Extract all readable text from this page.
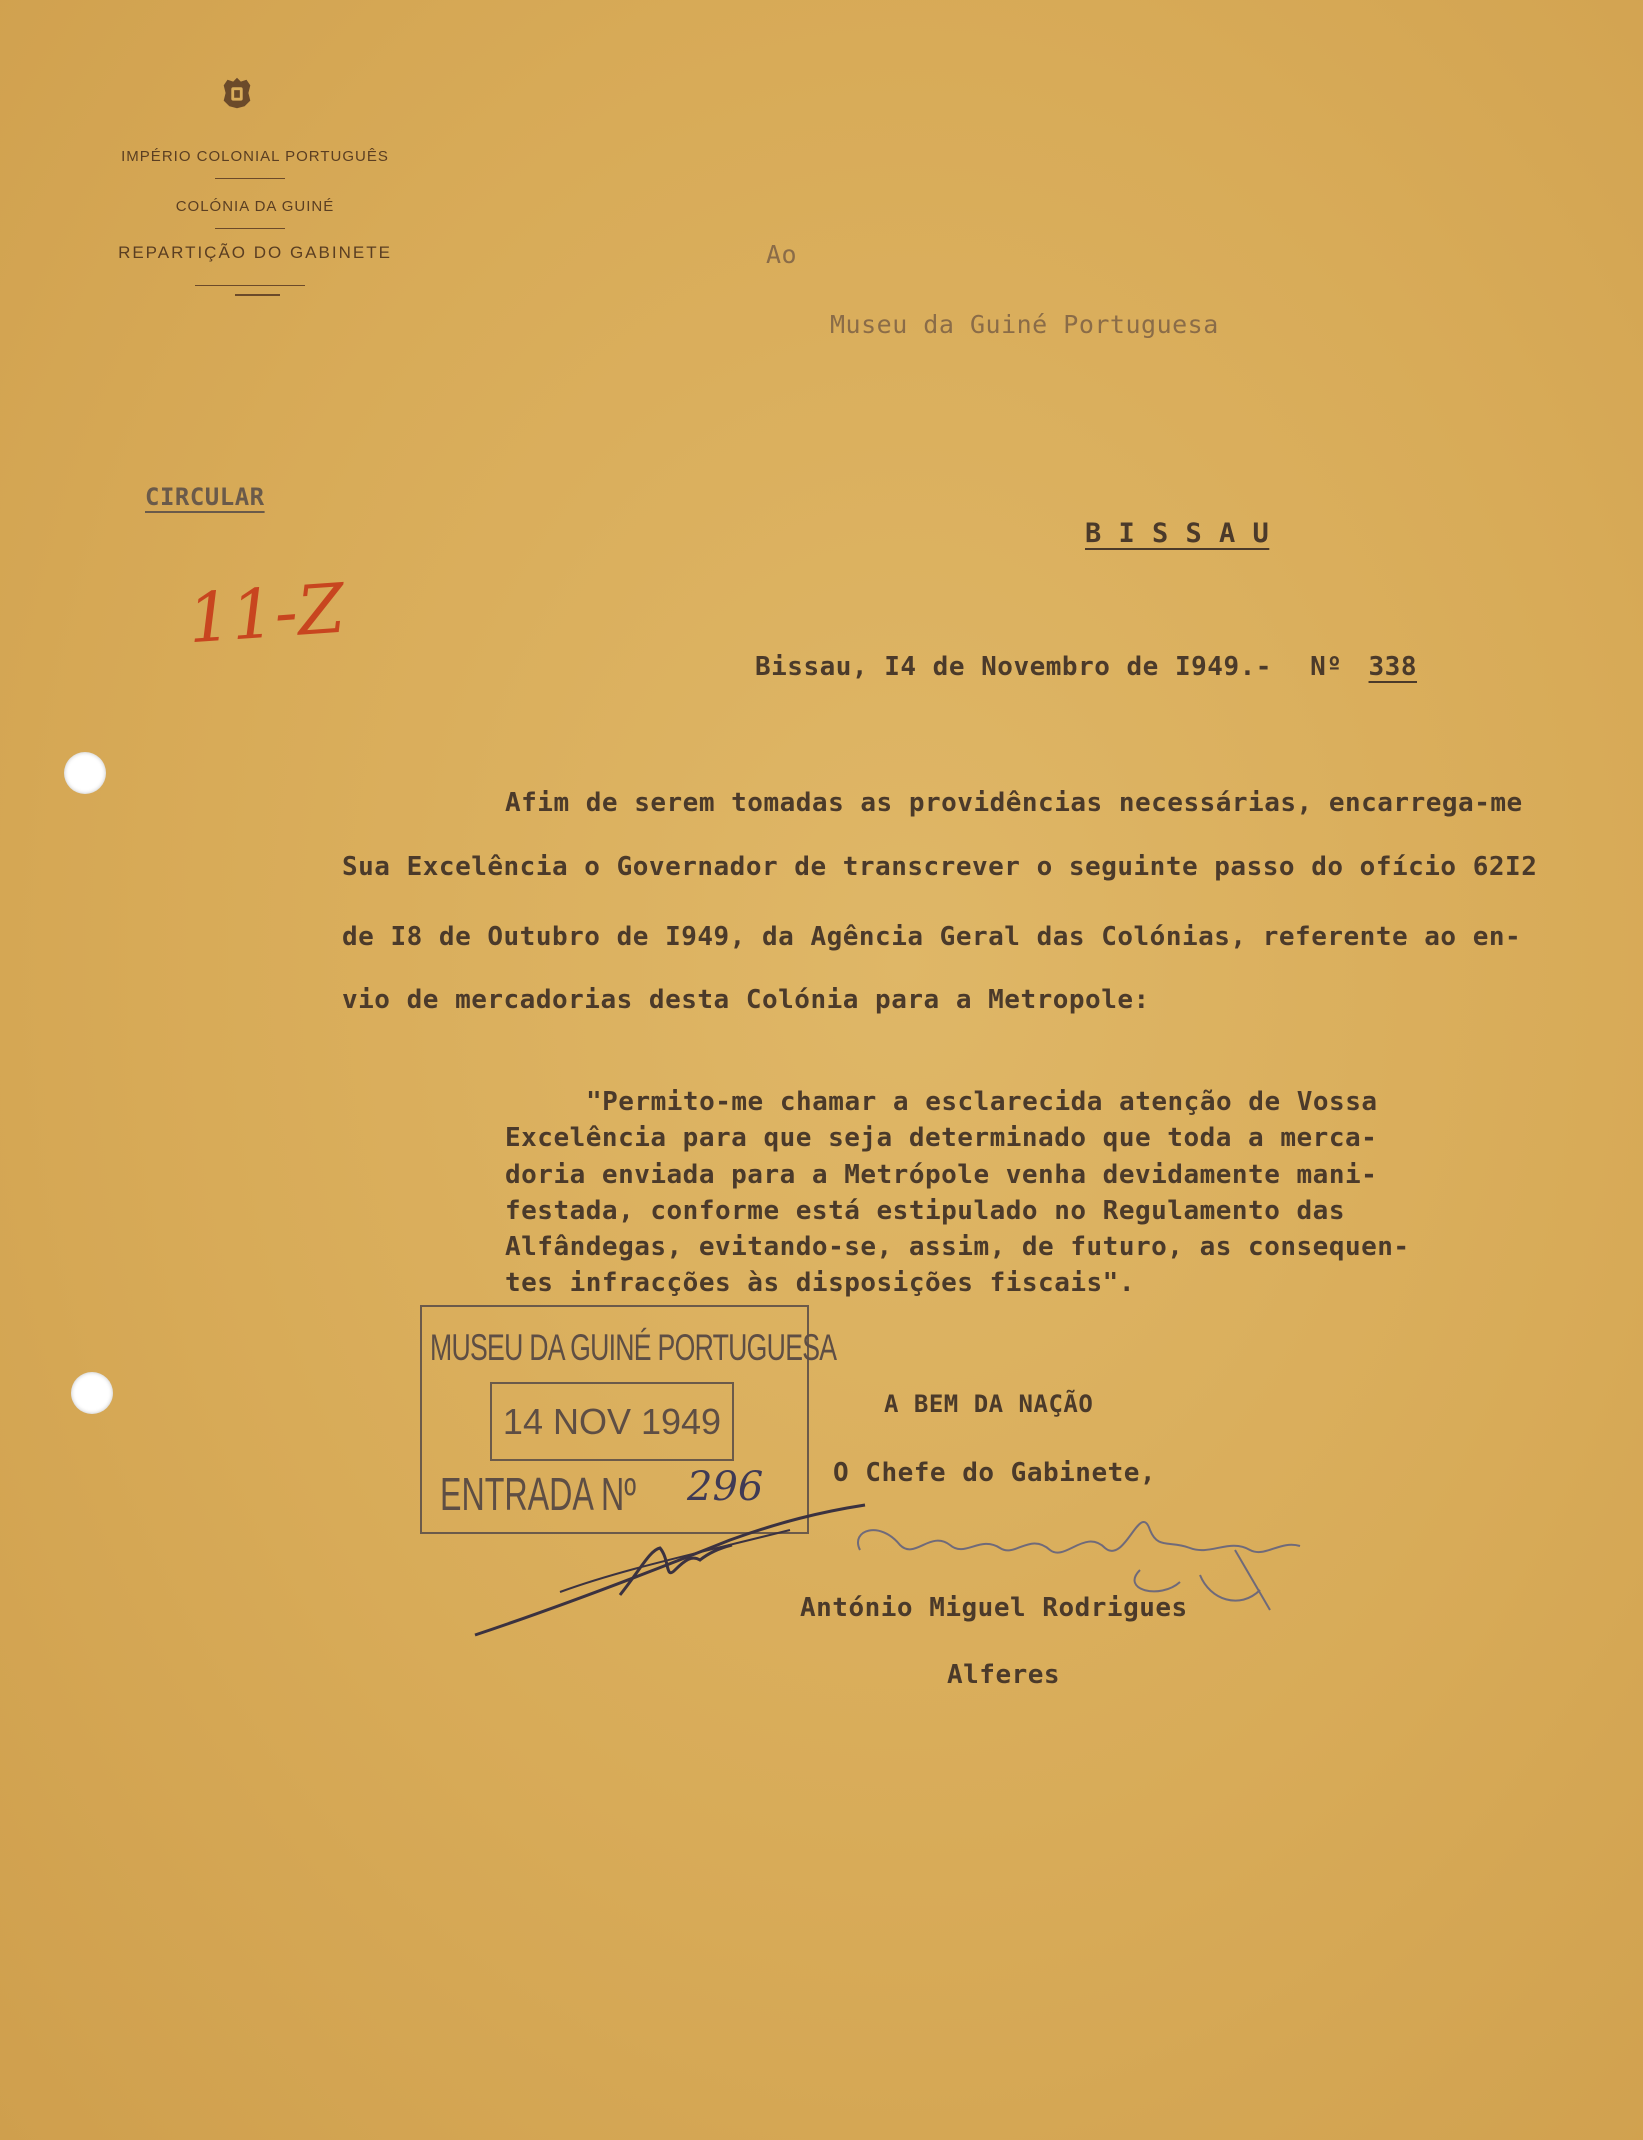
IMPÉRIO COLONIAL PORTUGUÊS
COLÓNIA DA GUINÉ
REPARTIÇÃO DO GABINETE	Ao
Museu da Guiné Portuguesa
CIRCULAR
B I S S A U
11-Z
Bissau, I4 de Novembro de I949.- Nº 338
Afim de serem tomadas as providências necessárias, encarrega-me
Sua Excelência o Governador de transcrever o seguinte passo do ofício 62I2
de I8 de Outubro de I949, da Agência Geral das Colónias, referente ao en-
vio de mercadorias desta Colónia para a Metropole:
"Permito-me chamar a esclarecida atenção de Vossa
Excelência para que seja determinado que toda a merca-
doria enviada para a Metrópole venha devidamente mani-
festada, conforme está estipulado no Regulamento das
Alfândegas, evitando-se, assim, de futuro, as consequen-
tes infracções às disposições fiscais".
MUSEU DA GUINÉ PORTUGUESA
14 NOV 1949
ENTRADA Nº 296
A BEM DA NAÇÃO
O Chefe do Gabinete,
António Miguel Rodrigues
Alferes
